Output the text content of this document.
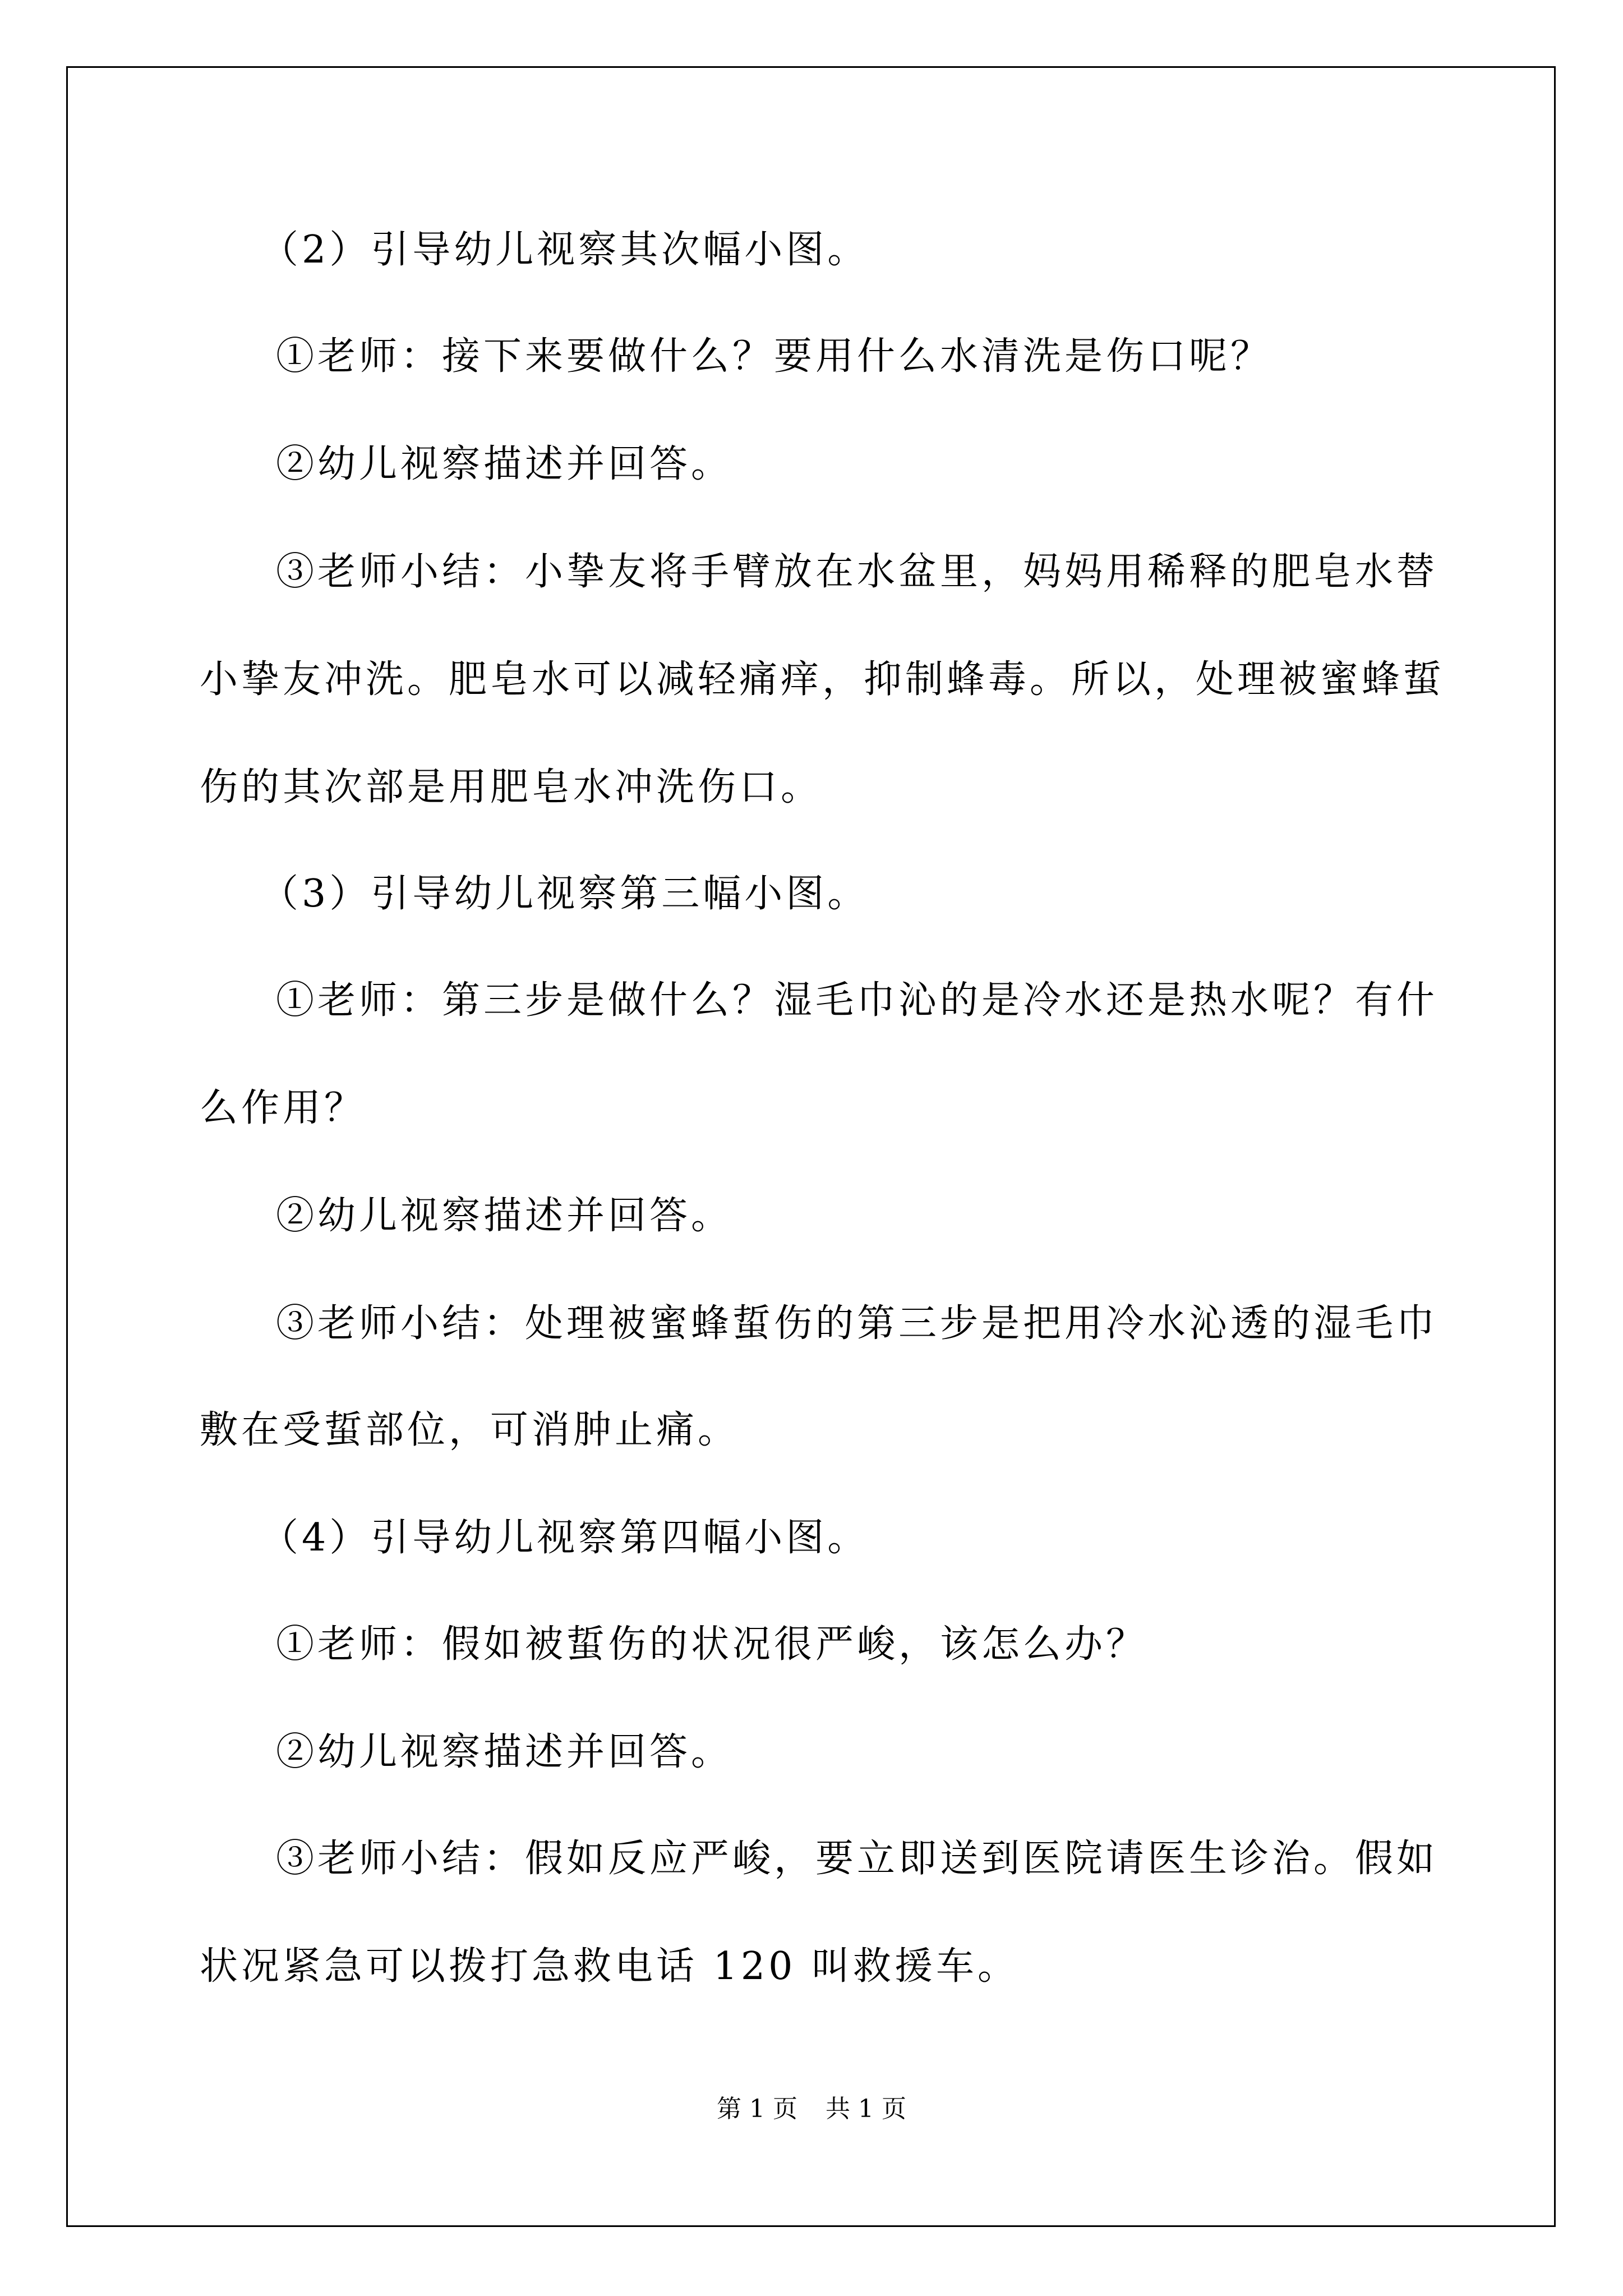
（2）引导幼儿视察其次幅小图。
①老师：接下来要做什么？要用什么水清洗是伤口呢？
②幼儿视察描述并回答。
③老师小结：小挚友将手臂放在水盆里，妈妈用稀释的肥皂水替
小挚友冲洗。肥皂水可以减轻痛痒，抑制蜂毒。所以，处理被蜜蜂蜇
伤的其次部是用肥皂水冲洗伤口。
（3）引导幼儿视察第三幅小图。
①老师：第三步是做什么？湿毛巾沁的是冷水还是热水呢？有什
么作用？
②幼儿视察描述并回答。
③老师小结：处理被蜜蜂蜇伤的第三步是把用冷水沁透的湿毛巾
敷在受蜇部位，可消肿止痛。
（4）引导幼儿视察第四幅小图。
①老师：假如被蜇伤的状况很严峻，该怎么办？
②幼儿视察描述并回答。
③老师小结：假如反应严峻，要立即送到医院请医生诊治。假如
状况紧急可以拨打急救电话 120 叫救援车。
第 1 页 共 1 页
